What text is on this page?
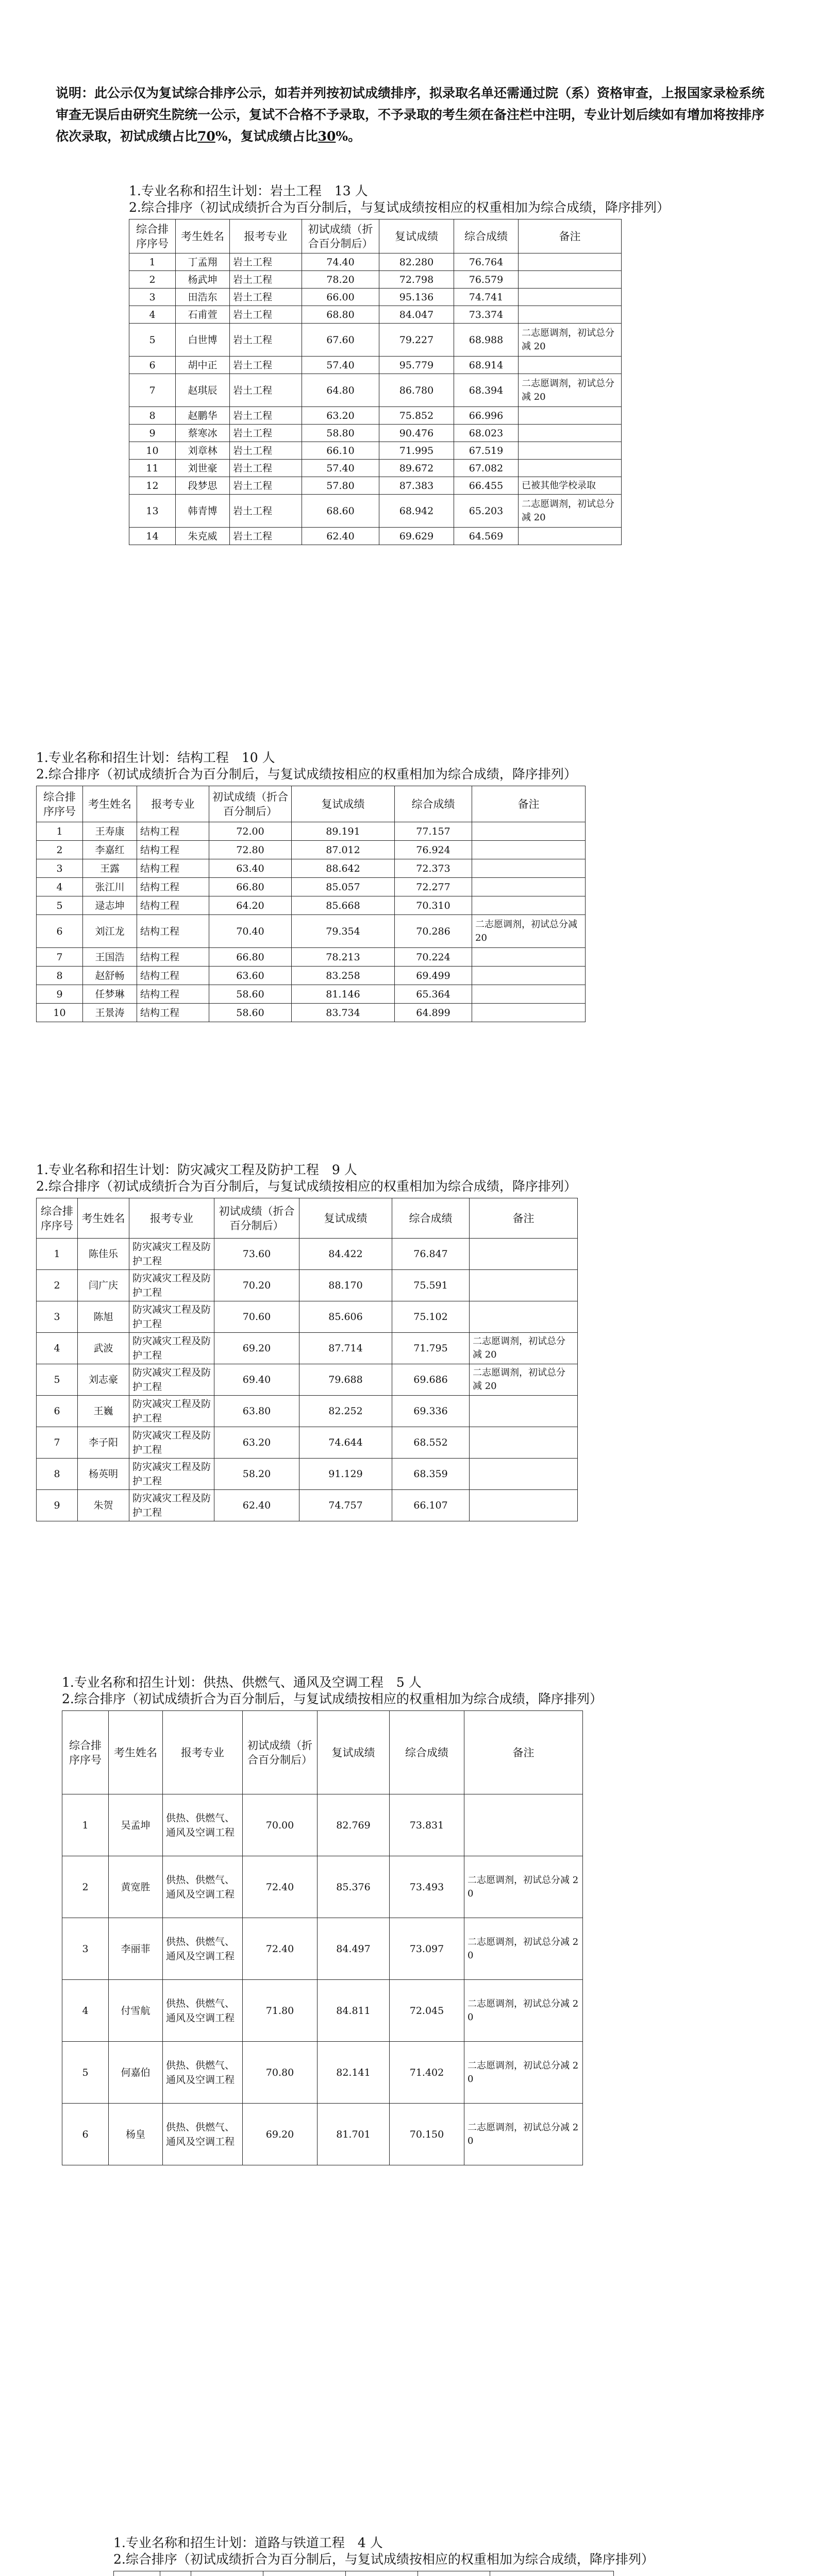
说明：此公示仅为复试综合排序公示，如若并列按初试成绩排序，拟录取名单还需通过院（系）资格审查，上报国家录检系统审查无误后由研究生院统一公示，复试不合格不予录取，不予录取的考生须在备注栏中注明，专业计划后续如有增加将按排序依次录取，初试成绩占比70%，复试成绩占比30%。
1.专业名称和招生计划：岩土工程　13 人
2.综合排序（初试成绩折合为百分制后，与复试成绩按相应的权重相加为综合成绩，降序排列）
综合排序序号	考生姓名	报考专业	初试成绩（折合百分制后）	复试成绩	综合成绩	备注
1	丁孟翔	岩土工程	74.40	82.280	76.764	
2	杨武坤	岩土工程	78.20	72.798	76.579	
3	田浩东	岩土工程	66.00	95.136	74.741	
4	石甫萱	岩土工程	68.80	84.047	73.374	
5	白世博	岩土工程	67.60	79.227	68.988	二志愿调剂，初试总分减 20
6	胡中正	岩土工程	57.40	95.779	68.914	
7	赵琪辰	岩土工程	64.80	86.780	68.394	二志愿调剂，初试总分减 20
8	赵鹏华	岩土工程	63.20	75.852	66.996	
9	蔡寒冰	岩土工程	58.80	90.476	68.023	
10	刘章林	岩土工程	66.10	71.995	67.519	
11	刘世豪	岩土工程	57.40	89.672	67.082	
12	段梦思	岩土工程	57.80	87.383	66.455	已被其他学校录取
13	韩青博	岩土工程	68.60	68.942	65.203	二志愿调剂，初试总分减 20
14	朱克威	岩土工程	62.40	69.629	64.569	
1.专业名称和招生计划：结构工程　10 人
2.综合排序（初试成绩折合为百分制后，与复试成绩按相应的权重相加为综合成绩，降序排列）
综合排序序号	考生姓名	报考专业	初试成绩（折合百分制后）	复试成绩	综合成绩	备注
1	王寿康	结构工程	72.00	89.191	77.157	
2	李嘉红	结构工程	72.80	87.012	76.924	
3	王露	结构工程	63.40	88.642	72.373	
4	张江川	结构工程	66.80	85.057	72.277	
5	逯志坤	结构工程	64.20	85.668	70.310	
6	刘江龙	结构工程	70.40	79.354	70.286	二志愿调剂，初试总分减 20
7	王国浩	结构工程	66.80	78.213	70.224	
8	赵舒畅	结构工程	63.60	83.258	69.499	
9	任梦琳	结构工程	58.60	81.146	65.364	
10	王景涛	结构工程	58.60	83.734	64.899	
1.专业名称和招生计划：防灾减灾工程及防护工程　9 人
2.综合排序（初试成绩折合为百分制后，与复试成绩按相应的权重相加为综合成绩，降序排列）
综合排序序号	考生姓名	报考专业	初试成绩（折合百分制后）	复试成绩	综合成绩	备注
1	陈佳乐	防灾减灾工程及防护工程	73.60	84.422	76.847	
2	闫广庆	防灾减灾工程及防护工程	70.20	88.170	75.591	
3	陈旭	防灾减灾工程及防护工程	70.60	85.606	75.102	
4	武波	防灾减灾工程及防护工程	69.20	87.714	71.795	二志愿调剂，初试总分减 20
5	刘志豪	防灾减灾工程及防护工程	69.40	79.688	69.686	二志愿调剂，初试总分减 20
6	王巍	防灾减灾工程及防护工程	63.80	82.252	69.336	
7	李子阳	防灾减灾工程及防护工程	63.20	74.644	68.552	
8	杨英明	防灾减灾工程及防护工程	58.20	91.129	68.359	
9	朱贺	防灾减灾工程及防护工程	62.40	74.757	66.107	
1.专业名称和招生计划：供热、供燃气、通风及空调工程　5 人
2.综合排序（初试成绩折合为百分制后，与复试成绩按相应的权重相加为综合成绩，降序排列）
综合排序序号	考生姓名	报考专业	初试成绩（折合百分制后）	复试成绩	综合成绩	备注
1	吴孟坤	供热、供燃气、通风及空调工程	70.00	82.769	73.831	
2	黄宽胜	供热、供燃气、通风及空调工程	72.40	85.376	73.493	二志愿调剂，初试总分减 20
3	李丽菲	供热、供燃气、通风及空调工程	72.40	84.497	73.097	二志愿调剂，初试总分减 20
4	付雪航	供热、供燃气、通风及空调工程	71.80	84.811	72.045	二志愿调剂，初试总分减 20
5	何嘉伯	供热、供燃气、通风及空调工程	70.80	82.141	71.402	二志愿调剂，初试总分减 20
6	杨皇	供热、供燃气、通风及空调工程	69.20	81.701	70.150	二志愿调剂，初试总分减 20
1.专业名称和招生计划：道路与铁道工程　4 人
2.综合排序（初试成绩折合为百分制后，与复试成绩按相应的权重相加为综合成绩，降序排列）
